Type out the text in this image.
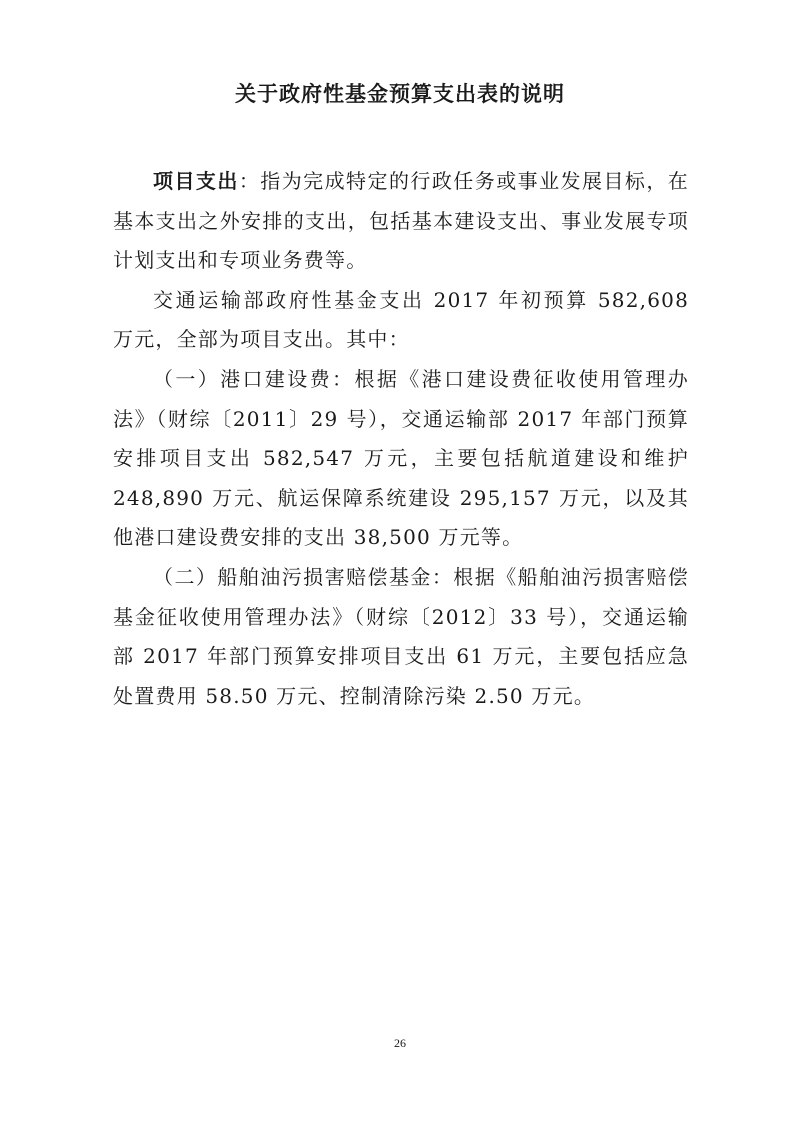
关于政府性基金预算支出表的说明

项目支出：指为完成特定的行政任务或事业发展目标，在基本支出之外安排的支出，包括基本建设支出、事业发展专项计划支出和专项业务费等。

交通运输部政府性基金支出 2017 年初预算 582,608 万元，全部为项目支出。其中：

（一）港口建设费：根据《港口建设费征收使用管理办法》（财综〔2011〕29 号），交通运输部 2017 年部门预算安排项目支出 582,547 万元，主要包括航道建设和维护 248,890 万元、航运保障系统建设 295,157 万元，以及其他港口建设费安排的支出 38,500 万元等。

（二）船舶油污损害赔偿基金：根据《船舶油污损害赔偿基金征收使用管理办法》（财综〔2012〕33 号），交通运输部 2017 年部门预算安排项目支出 61 万元，主要包括应急处置费用 58.50 万元、控制清除污染 2.50 万元。

26
